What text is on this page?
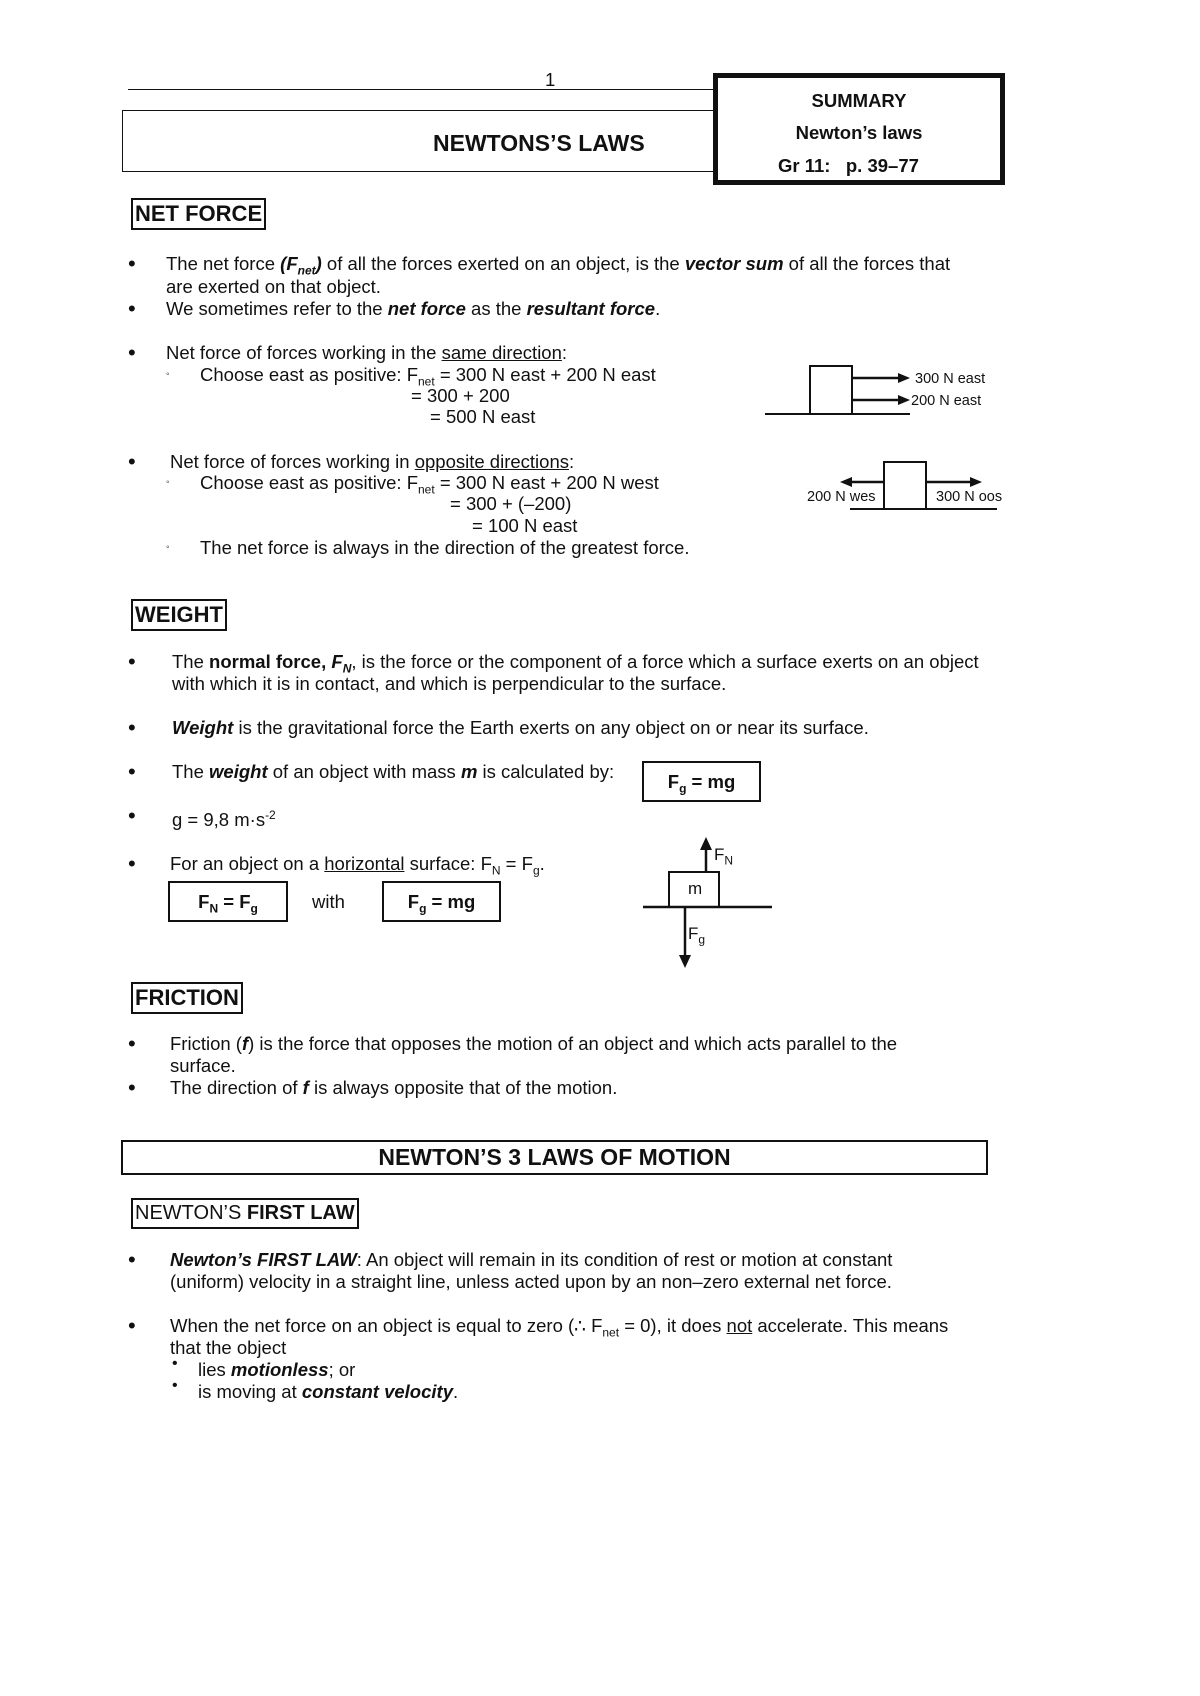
1
NEWTONS’S LAWS
SUMMARY
Newton’s laws
Gr 11: p. 39–77
NET FORCE
• The net force $(F_{net})$ of all the forces exerted on an object, is the vector sum of all the forces that
are exerted on that object.
• We sometimes refer to the net force as the resultant force.
• Net force of forces working in the same direction:
◦ Choose east as positive: $F_{net} = 300$ N east + 200 N east
= 300 + 200
= 500 N east
300 N east
200 N east
• Net force of forces working in opposite directions:
◦ Choose east as positive: $F_{net} = 300$ N east + 200 N west
= 300 + (–200)
= 100 N east
◦ The net force is always in the direction of the greatest force.
200 N wes	300 N oos
WEIGHT
• The normal force, $F_N$, is the force or the component of a force which a surface exerts on an object
with which it is in contact, and which is perpendicular to the surface.
• Weight is the gravitational force the Earth exerts on any object on or near its surface.
• The weight of an object with mass m is calculated by:	$F_g$ = mg
• g = 9,8 $m\cdot s^{-2}$
• For an object on a horizontal surface: $F_N = F_g$.
$F_N = F_g$	with	$F_g$ = mg
$F_N$
m
$F_g$
FRICTION
• Friction (f) is the force that opposes the motion of an object and which acts parallel to the
surface.
• The direction of f is always opposite that of the motion.
NEWTON’S 3 LAWS OF MOTION
NEWTON’S FIRST LAW
• Newton’s FIRST LAW: An object will remain in its condition of rest or motion at constant
(uniform) velocity in a straight line, unless acted upon by an non–zero external net force.
• When the net force on an object is equal to zero (∴ $F_{net} = 0$), it does not accelerate. This means
that the object
• lies motionless; or
• is moving at constant velocity.
